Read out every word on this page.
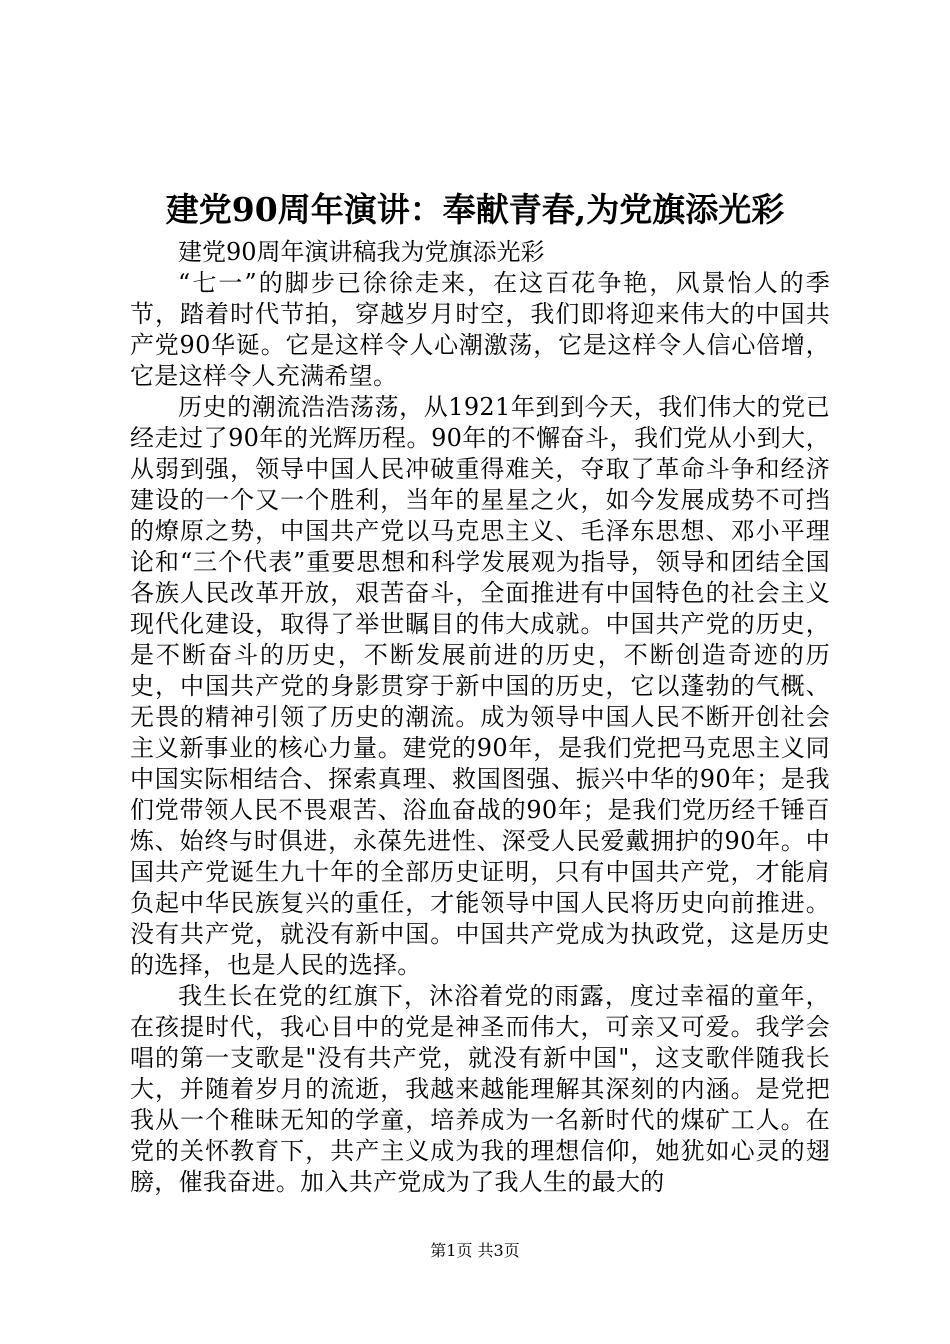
建党90周年演讲：奉献青春,为党旗添光彩

建党90周年演讲稿我为党旗添光彩

“七一”的脚步已徐徐走来，在这百花争艳，风景怡人的季节，踏着时代节拍，穿越岁月时空，我们即将迎来伟大的中国共产党90华诞。它是这样令人心潮激荡，它是这样令人信心倍增，它是这样令人充满希望。

历史的潮流浩浩荡荡，从1921年到到今天，我们伟大的党已经走过了90年的光辉历程。90年的不懈奋斗，我们党从小到大，从弱到强，领导中国人民冲破重得难关，夺取了革命斗争和经济建设的一个又一个胜利，当年的星星之火，如今发展成势不可挡的燎原之势，中国共产党以马克思主义、毛泽东思想、邓小平理论和“三个代表”重要思想和科学发展观为指导，领导和团结全国各族人民改革开放，艰苦奋斗，全面推进有中国特色的社会主义现代化建设，取得了举世瞩目的伟大成就。中国共产党的历史，是不断奋斗的历史，不断发展前进的历史，不断创造奇迹的历史，中国共产党的身影贯穿于新中国的历史，它以蓬勃的气概、无畏的精神引领了历史的潮流。成为领导中国人民不断开创社会主义新事业的核心力量。建党的90年，是我们党把马克思主义同中国实际相结合、探索真理、救国图强、振兴中华的90年；是我们党带领人民不畏艰苦、浴血奋战的90年；是我们党历经千锤百炼、始终与时俱进，永葆先进性、深受人民爱戴拥护的90年。中国共产党诞生九十年的全部历史证明，只有中国共产党，才能肩负起中华民族复兴的重任，才能领导中国人民将历史向前推进。没有共产党，就没有新中国。中国共产党成为执政党，这是历史的选择，也是人民的选择。

我生长在党的红旗下，沐浴着党的雨露，度过幸福的童年，在孩提时代，我心目中的党是神圣而伟大，可亲又可爱。我学会唱的第一支歌是"没有共产党，就没有新中国"，这支歌伴随我长大，并随着岁月的流逝，我越来越能理解其深刻的内涵。是党把我从一个稚昧无知的学童，培养成为一名新时代的煤矿工人。在党的关怀教育下，共产主义成为我的理想信仰，她犹如心灵的翅膀，催我奋进。加入共产党成为了我人生的最大的

第1页 共3页
